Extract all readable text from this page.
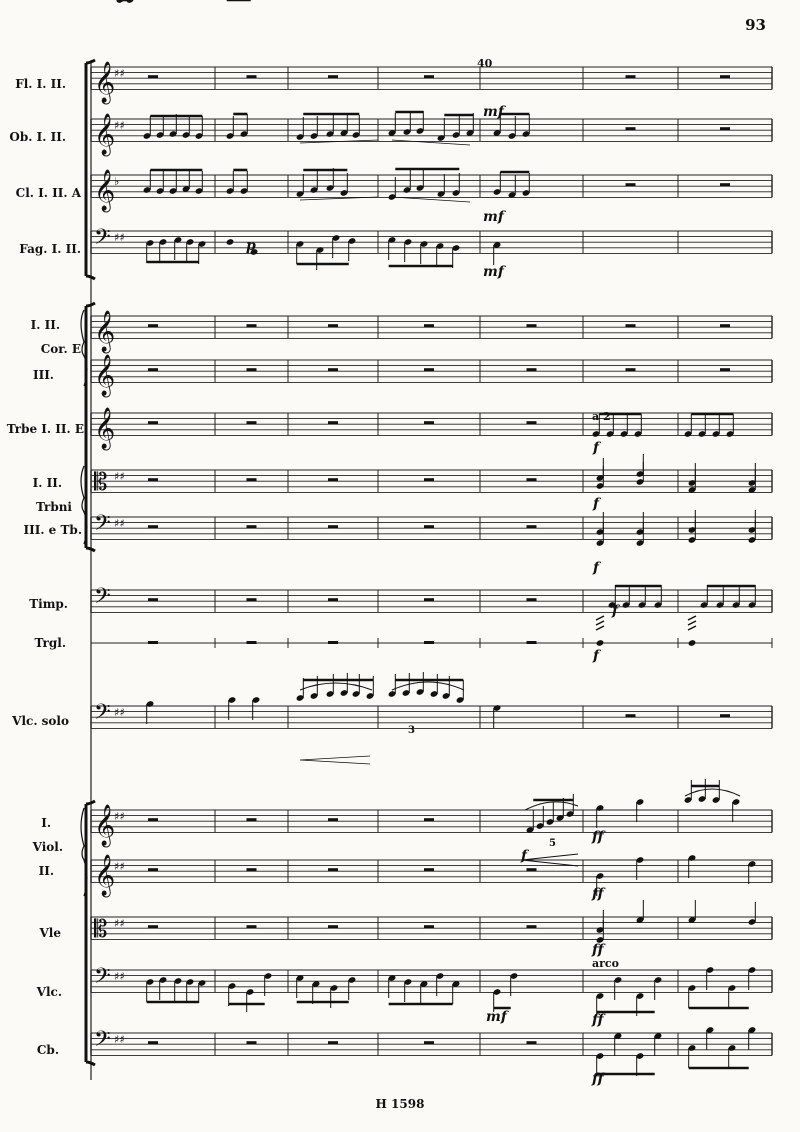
𝄞
♯♯
𝄞
♯♯
𝄞
♭
𝄢 ♯♯
𝄞
𝄞
𝄞
𝄡 ♯♯
𝄢 ♯♯
𝄢
𝄢 ♯♯
𝄞
♯♯
𝄞
♯♯
𝄡 ♯♯
𝄢 ♯♯
𝄢 ♯♯
93
40
Fl. I. II.
Ob. I. II.
Cl. I. II. A
Fag. I. II.
I. II.
Cor. E
III.
Trbe I. II. E
I. II.
Trbni
III. e Tb.
Timp.
Trgl.
Vlc. solo
I.
Viol.
II.
Vle
Vlc.
Cb.
mf
mf
p
mf
a 2
f
f
f
f
f
f
ff
ff
ff
arco
mf	ff
ff
5
3
H 1598
